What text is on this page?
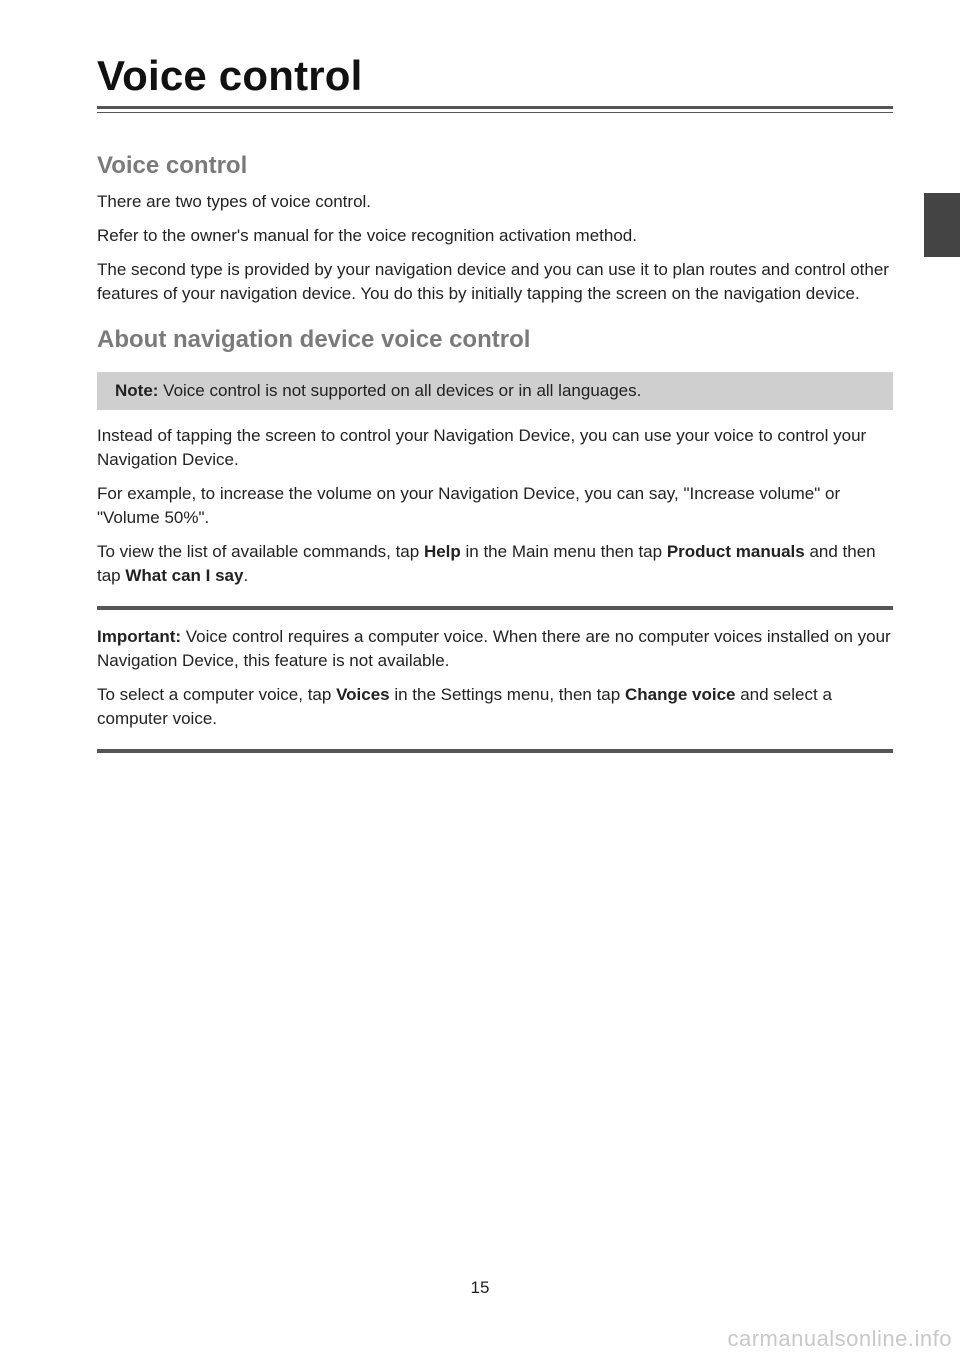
Voice control
Voice control

There are two types of voice control.

Refer to the owner's manual for the voice recognition activation method.

The second type is provided by your navigation device and you can use it to plan routes and control other features of your navigation device. You do this by initially tapping the screen on the navigation device.

About navigation device voice control
Note: Voice control is not supported on all devices or in all languages.

Instead of tapping the screen to control your Navigation Device, you can use your voice to control your Navigation Device.

For example, to increase the volume on your Navigation Device, you can say, "Increase volume" or "Volume 50%".

To view the list of available commands, tap Help in the Main menu then tap Product manuals and then tap What can I say.

Important: Voice control requires a computer voice. When there are no computer voices installed on your Navigation Device, this feature is not available.

To select a computer voice, tap Voices in the Settings menu, then tap Change voice and select a computer voice.

15
carmanualsonline.info
